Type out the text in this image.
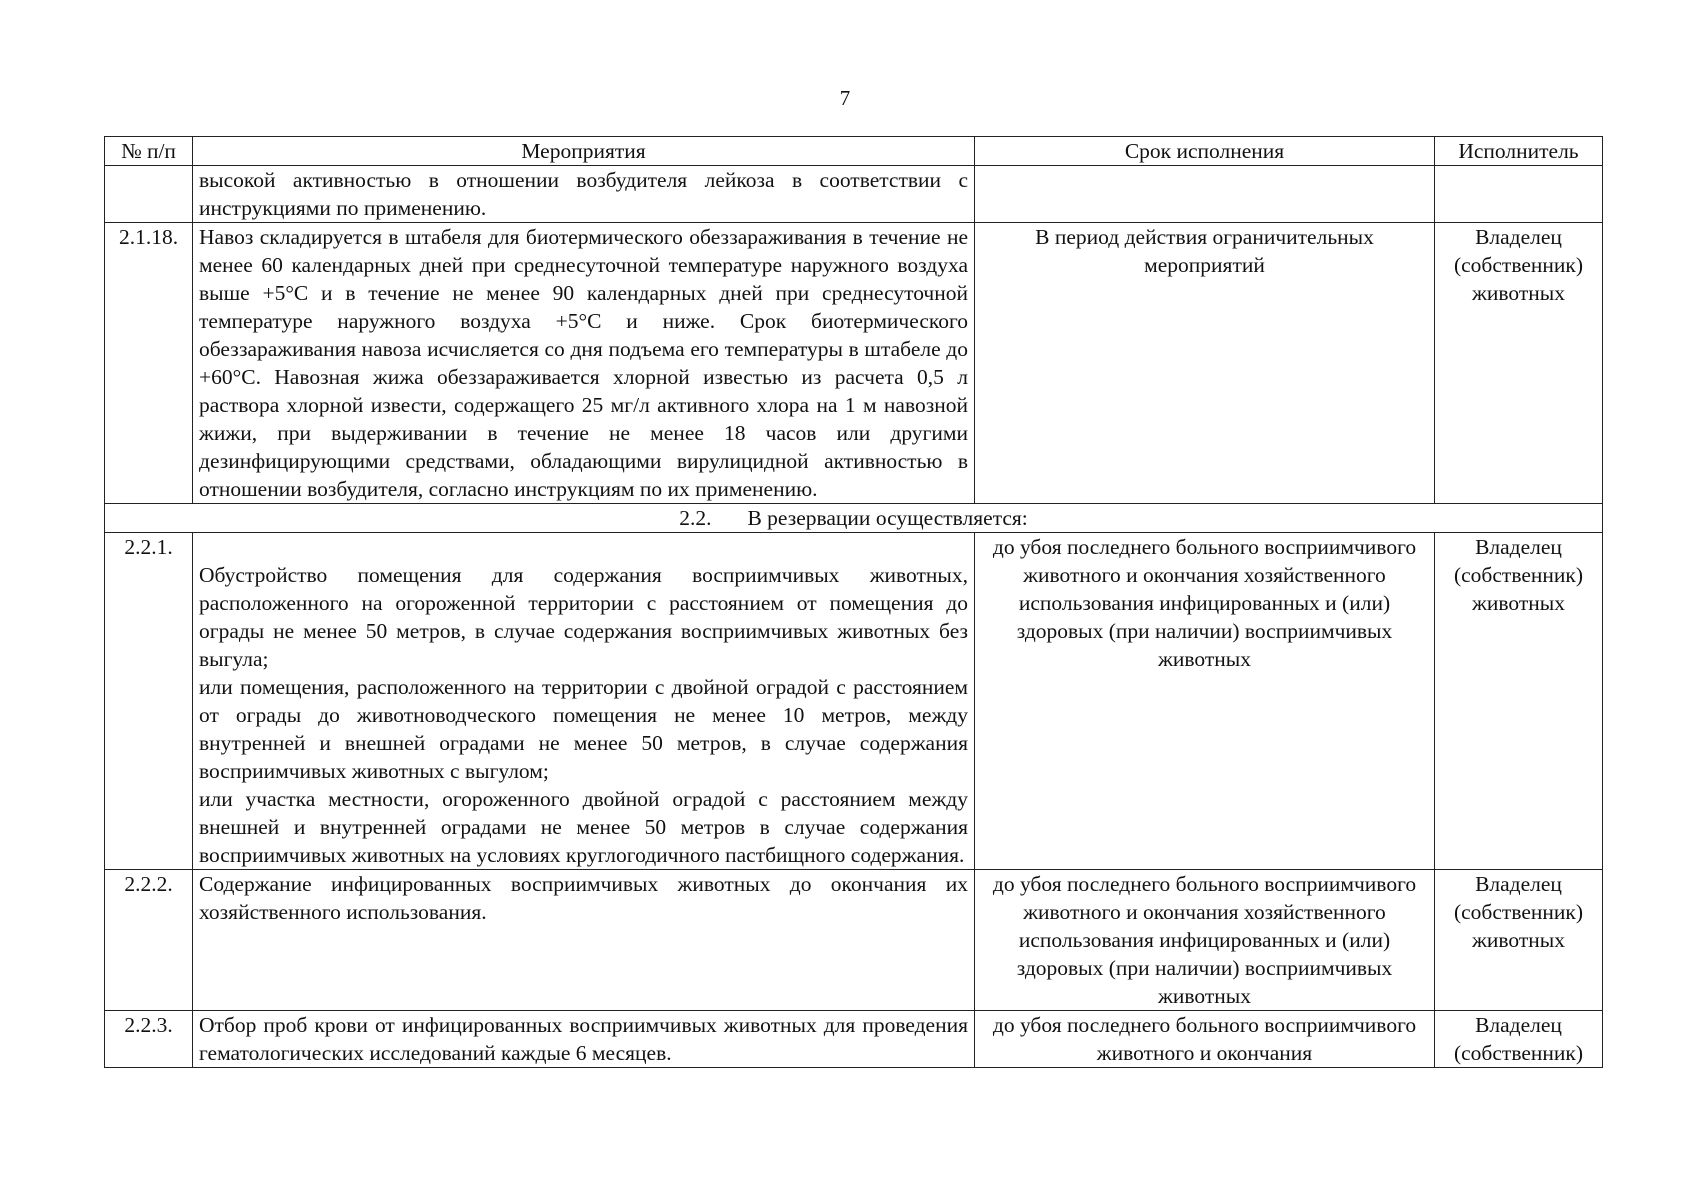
7
№ п/п	Мероприятия	Срок исполнения	Исполнитель

	высокой активностью в отношении возбудителя лейкоза в соответствии с инструкциями по применению.		

2.1.18.	Навоз складируется в штабеля для биотермического обеззараживания в течение не менее 60 календарных дней при среднесуточной температуре наружного воздуха выше +5°С и в течение не менее 90 календарных дней при среднесуточной температуре наружного воздуха +5°С и ниже. Срок биотермического обеззараживания навоза исчисляется со дня подъема его температуры в штабеле до +60°С. Навозная жижа обеззараживается хлорной известью из расчета 0,5 л раствора хлорной извести, содержащего 25 мг/л активного хлора на 1 м навозной жижи, при выдерживании в течение не менее 18 часов или другими дезинфицирующими средствами, обладающими вирулицидной активностью в отношении возбудителя, согласно инструкциям по их применению.	В период действия ограничительных мероприятий	Владелец (собственник) животных
2.2. В резервации осуществляется:			
2.2.1.	Обустройство помещения для содержания восприимчивых животных, расположенного на огороженной территории с расстоянием от помещения до ограды не менее 50 метров, в случае содержания восприимчивых животных без выгула;

или помещения, расположенного на территории с двойной оградой с расстоянием от ограды до животноводческого помещения не менее 10 метров, между внутренней и внешней оградами не менее 50 метров, в случае содержания восприимчивых животных с выгулом;

или участка местности, огороженного двойной оградой с расстоянием между внешней и внутренней оградами не менее 50 метров в случае содержания восприимчивых животных на условиях круглогодичного пастбищного содержания.	до убоя последнего больного восприимчивого животного и окончания хозяйственного использования инфицированных и (или) здоровых (при наличии) восприимчивых животных	Владелец (собственник) животных
2.2.2.	Содержание инфицированных восприимчивых животных до окончания их хозяйственного использования.	до убоя последнего больного восприимчивого животного и окончания хозяйственного использования инфицированных и (или) здоровых (при наличии) восприимчивых животных	Владелец (собственник) животных
2.2.3.	Отбор проб крови от инфицированных восприимчивых животных для проведения гематологических исследований каждые 6 месяцев.	до убоя последнего больного восприимчивого животного и окончания	Владелец (собственник)
